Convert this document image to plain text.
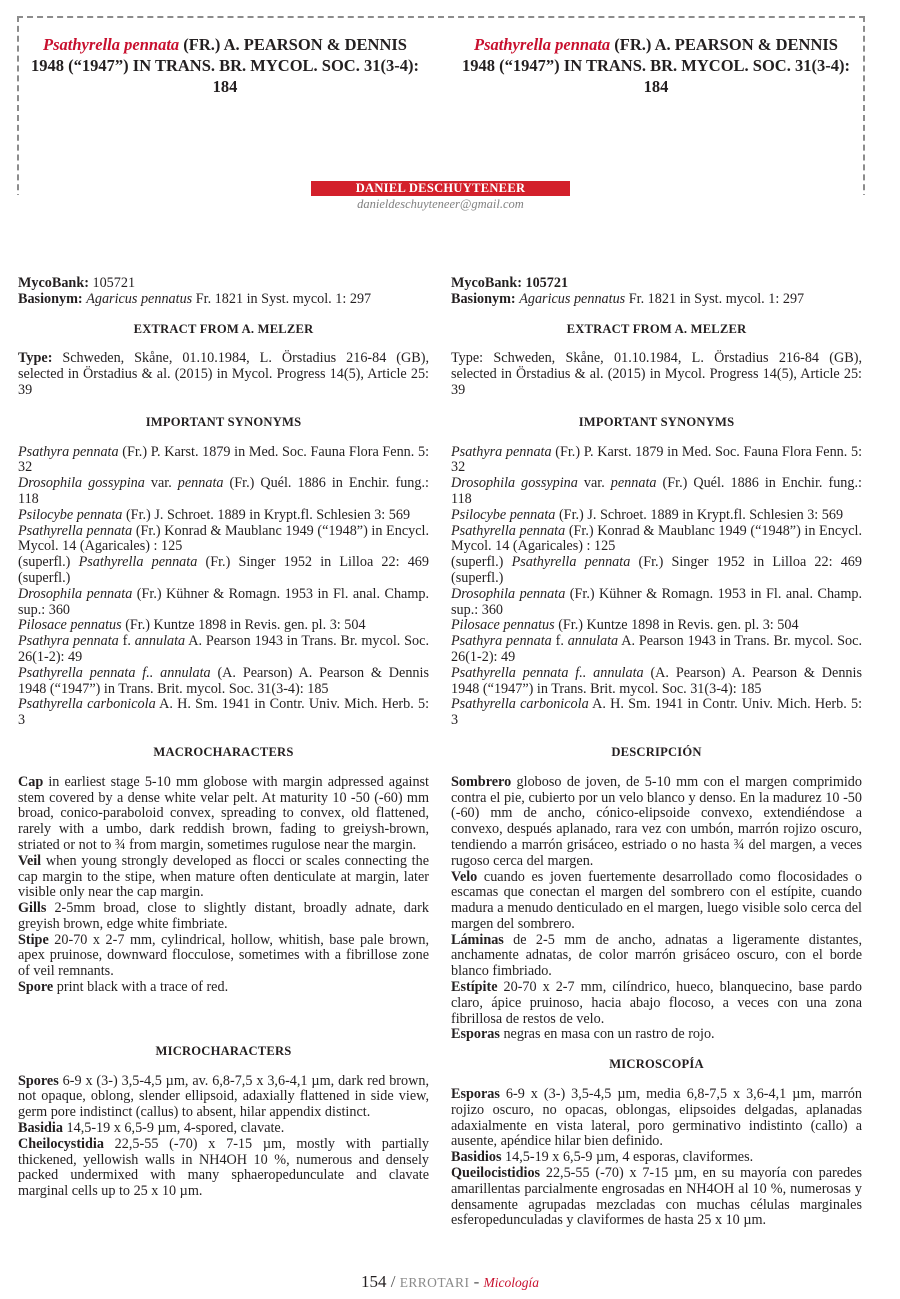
Psathyrella pennata (FR.) A. PEARSON & DENNIS 1948 (“1947”) IN TRANS. BR. MYCOL. SOC. 31(3-4): 184
Psathyrella pennata (FR.) A. PEARSON & DENNIS 1948 (“1947”) IN TRANS. BR. MYCOL. SOC. 31(3-4): 184
DANIEL DESCHUYTENEER
danieldeschuyteneer@gmail.com

MycoBank: 105721

Basionym: Agaricus pennatus Fr. 1821 in Syst. mycol. 1: 297

EXTRACT FROM A. MELZER

Type: Schweden, Skåne, 01.10.1984, L. Örstadius 216-84 (GB), selected in Örstadius & al. (2015) in Mycol. Progress 14(5), Article 25: 39

IMPORTANT SYNONYMS

Psathyra pennata (Fr.) P. Karst. 1879 in Med. Soc. Fauna Flora Fenn. 5: 32

Drosophila gossypina var. pennata (Fr.) Quél. 1886 in Enchir. fung.: 118

Psilocybe pennata (Fr.) J. Schroet. 1889 in Krypt.fl. Schlesien 3: 569

Psathyrella pennata (Fr.) Konrad & Maublanc 1949 (“1948”) in Encycl. Mycol. 14 (Agaricales) : 125

(superfl.) Psathyrella pennata (Fr.) Singer 1952 in Lilloa 22: 469 (superfl.)

Drosophila pennata (Fr.) Kühner & Romagn. 1953 in Fl. anal. Champ. sup.: 360

Pilosace pennatus (Fr.) Kuntze 1898 in Revis. gen. pl. 3: 504

Psathyra pennata f. annulata A. Pearson 1943 in Trans. Br. mycol. Soc. 26(1-2): 49

Psathyrella pennata f.. annulata (A. Pearson) A. Pearson & Dennis 1948 (“1947”) in Trans. Brit. mycol. Soc. 31(3-4): 185

Psathyrella carbonicola A. H. Sm. 1941 in Contr. Univ. Mich. Herb. 5: 3

MACROCHARACTERS

Cap in earliest stage 5-10 mm globose with margin adpressed against stem covered by a dense white velar pelt. At maturity 10 -50 (-60) mm broad, conico-paraboloid convex, spreading to convex, old flattened, rarely with a umbo, dark reddish brown, fading to greiysh-brown, striated or not to ¾ from margin, sometimes rugulose near the margin.

Veil when young strongly developed as flocci or scales connecting the cap margin to the stipe, when mature often denticulate at margin, later visible only near the cap margin.

Gills 2-5mm broad, close to slightly distant, broadly adnate, dark greyish brown, edge white fimbriate.

Stipe 20-70 x 2-7 mm, cylindrical, hollow, whitish, base pale brown, apex pruinose, downward flocculose, sometimes with a fibrillose zone of veil remnants.

Spore print black with a trace of red.

MICROCHARACTERS

Spores 6-9 x (3-) 3,5-4,5 µm, av. 6,8-7,5 x 3,6-4,1 µm, dark red brown, not opaque, oblong, slender ellipsoid, adaxially flattened in side view, germ pore indistinct (callus) to absent, hilar appendix distinct.

Basidia 14,5-19 x 6,5-9 µm, 4-spored, clavate.

Cheilocystidia 22,5-55 (-70) x 7-15 µm, mostly with partially thickened, yellowish walls in NH4OH 10 %, numerous and densely packed undermixed with many sphaeropedunculate and clavate marginal cells up to 25 x 10 µm.

MycoBank: 105721

Basionym: Agaricus pennatus Fr. 1821 in Syst. mycol. 1: 297

EXTRACT FROM A. MELZER

Type: Schweden, Skåne, 01.10.1984, L. Örstadius 216-84 (GB), selected in Örstadius & al. (2015) in Mycol. Progress 14(5), Article 25: 39

IMPORTANT SYNONYMS

Psathyra pennata (Fr.) P. Karst. 1879 in Med. Soc. Fauna Flora Fenn. 5: 32

Drosophila gossypina var. pennata (Fr.) Quél. 1886 in Enchir. fung.: 118

Psilocybe pennata (Fr.) J. Schroet. 1889 in Krypt.fl. Schlesien 3: 569

Psathyrella pennata (Fr.) Konrad & Maublanc 1949 (“1948”) in Encycl. Mycol. 14 (Agaricales) : 125

(superfl.) Psathyrella pennata (Fr.) Singer 1952 in Lilloa 22: 469 (superfl.)

Drosophila pennata (Fr.) Kühner & Romagn. 1953 in Fl. anal. Champ. sup.: 360

Pilosace pennatus (Fr.) Kuntze 1898 in Revis. gen. pl. 3: 504

Psathyra pennata f. annulata A. Pearson 1943 in Trans. Br. mycol. Soc. 26(1-2): 49

Psathyrella pennata f.. annulata (A. Pearson) A. Pearson & Dennis 1948 (“1947”) in Trans. Brit. mycol. Soc. 31(3-4): 185

Psathyrella carbonicola A. H. Sm. 1941 in Contr. Univ. Mich. Herb. 5: 3

DESCRIPCIÓN

Sombrero globoso de joven, de 5-10 mm con el margen comprimido contra el pie, cubierto por un velo blanco y denso. En la madurez 10 -50 (-60) mm de ancho, cónico-elipsoide convexo, extendiéndose a convexo, después aplanado, rara vez con umbón, marrón rojizo oscuro, tendiendo a marrón grisáceo, estriado o no hasta ¾ del margen, a veces rugoso cerca del margen.

Velo cuando es joven fuertemente desarrollado como flocosidades o escamas que conectan el margen del sombrero con el estípite, cuando madura a menudo denticulado en el margen, luego visible solo cerca del margen del sombrero.

Láminas de 2-5 mm de ancho, adnatas a ligeramente distantes, anchamente adnatas, de color marrón grisáceo oscuro, con el borde blanco fimbriado.

Estípite 20-70 x 2-7 mm, cilíndrico, hueco, blanquecino, base pardo claro, ápice pruinoso, hacia abajo flocoso, a veces con una zona fibrillosa de restos de velo.

Esporas negras en masa con un rastro de rojo.

MICROSCOPÍA

Esporas 6-9 x (3-) 3,5-4,5 µm, media 6,8-7,5 x 3,6-4,1 µm, marrón rojizo oscuro, no opacas, oblongas, elipsoides delgadas, aplanadas adaxialmente en vista lateral, poro germinativo indistinto (callo) a ausente, apéndice hilar bien definido.

Basidios 14,5-19 x 6,5-9 µm, 4 esporas, claviformes.

Queilocistidios 22,5-55 (-70) x 7-15 µm, en su mayoría con paredes amarillentas parcialmente engrosadas en NH4OH al 10 %, numerosas y densamente agrupadas mezcladas con muchas células marginales esferopedunculadas y claviformes de hasta 25 x 10 µm.

154 / ERROTARI - Micología
